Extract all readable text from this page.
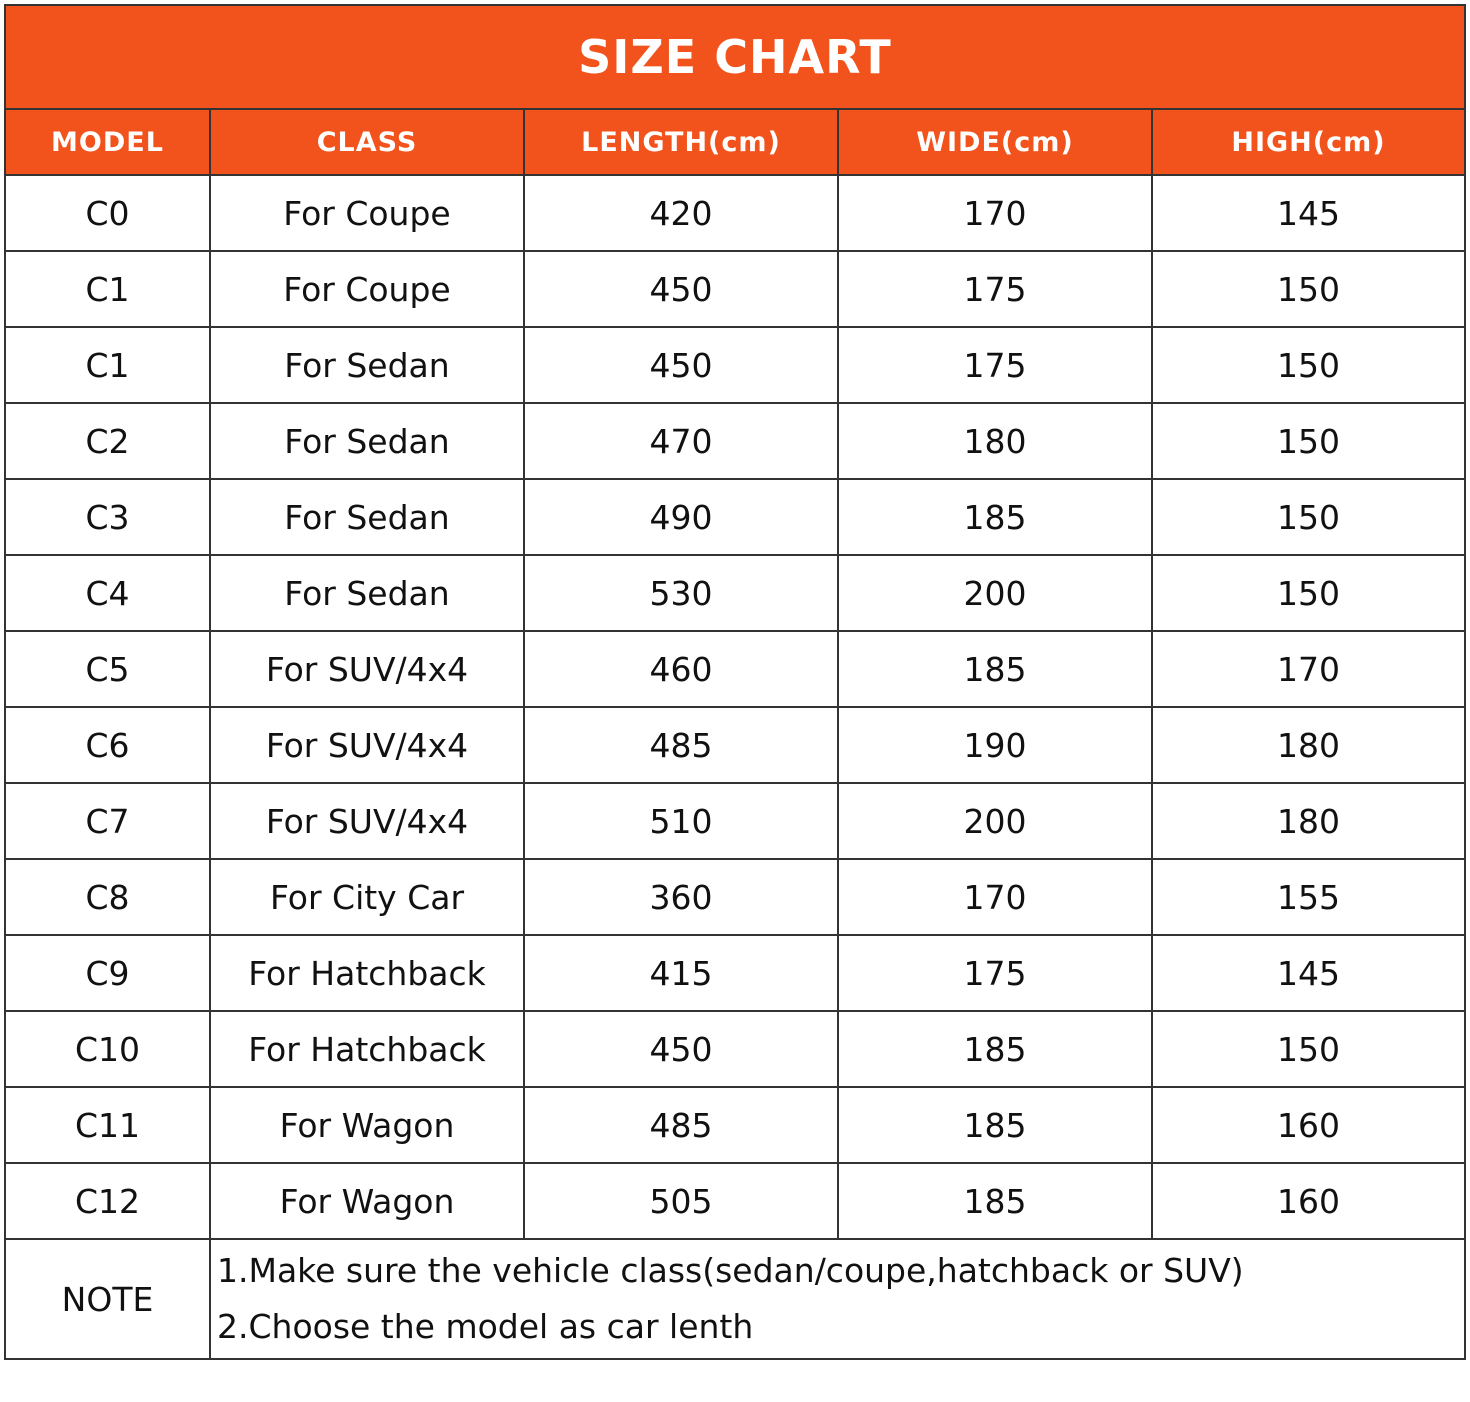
SIZE CHART
MODEL	CLASS	LENGTH(cm)	WIDE(cm)	HIGH(cm)
C0	For Coupe	420	170	145
C1	For Coupe	450	175	150
C1	For Sedan	450	175	150
C2	For Sedan	470	180	150
C3	For Sedan	490	185	150
C4	For Sedan	530	200	150
C5	For SUV/4x4	460	185	170
C6	For SUV/4x4	485	190	180
C7	For SUV/4x4	510	200	180
C8	For City Car	360	170	155
C9	For Hatchback	415	175	145
C10	For Hatchback	450	185	150
C11	For Wagon	485	185	160
C12	For Wagon	505	185	160
NOTE	1.Make sure the vehicle class(sedan/coupe,hatchback or SUV)
2.Choose the model as car lenth			
